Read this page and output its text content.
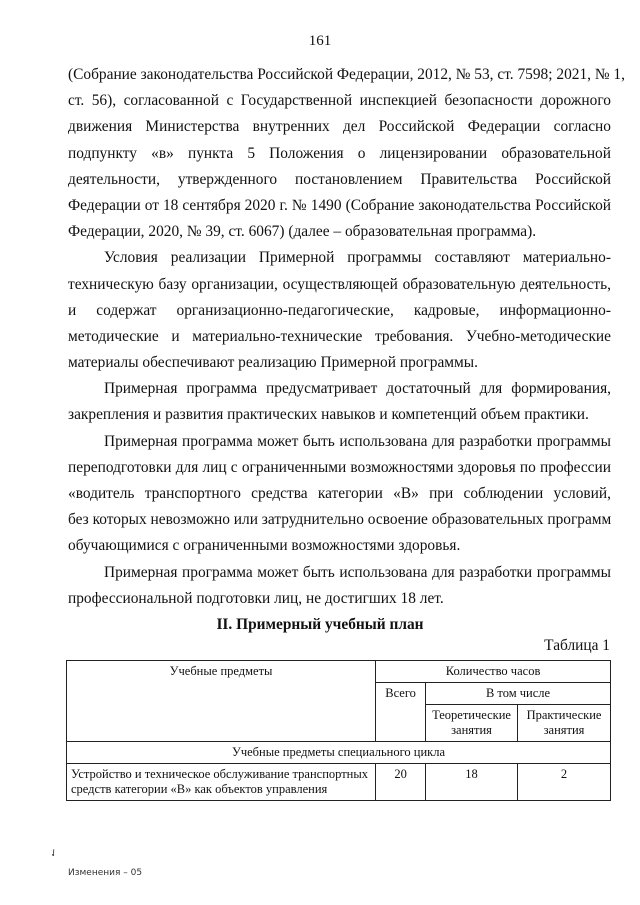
161
(Собрание законодательства Российской Федерации, 2012, № 53, ст. 7598; 2021, № 1,
ст. 56), согласованной с Государственной инспекцией безопасности дорожного
движения Министерства внутренних дел Российской Федерации согласно
подпункту «в» пункта 5 Положения о лицензировании образовательной
деятельности, утвержденного постановлением Правительства Российской
Федерации от 18 сентября 2020 г. № 1490 (Собрание законодательства Российской
Федерации, 2020, № 39, ст. 6067) (далее – образовательная программа).
Условия реализации Примерной программы составляют материально-
техническую базу организации, осуществляющей образовательную деятельность,
и содержат организационно-педагогические, кадровые, информационно-
методические и материально-технические требования. Учебно-методические
материалы обеспечивают реализацию Примерной программы.
Примерная программа предусматривает достаточный для формирования,
закрепления и развития практических навыков и компетенций объем практики.
Примерная программа может быть использована для разработки программы
переподготовки для лиц с ограниченными возможностями здоровья по профессии
«водитель транспортного средства категории «В» при соблюдении условий,
без которых невозможно или затруднительно освоение образовательных программ
обучающимися с ограниченными возможностями здоровья.
Примерная программа может быть использована для разработки программы
профессиональной подготовки лиц, не достигших 18 лет.
II. Примерный учебный план
Таблица 1
Учебные предметы	Количество часов		
	Всего	В том числе	
		Теоретические занятия	Практические занятия
Учебные предметы специального цикла			
Устройство и техническое обслуживание транспортных средств категории «В» как объектов управления	20	18	2
✓
Изменения – 05
